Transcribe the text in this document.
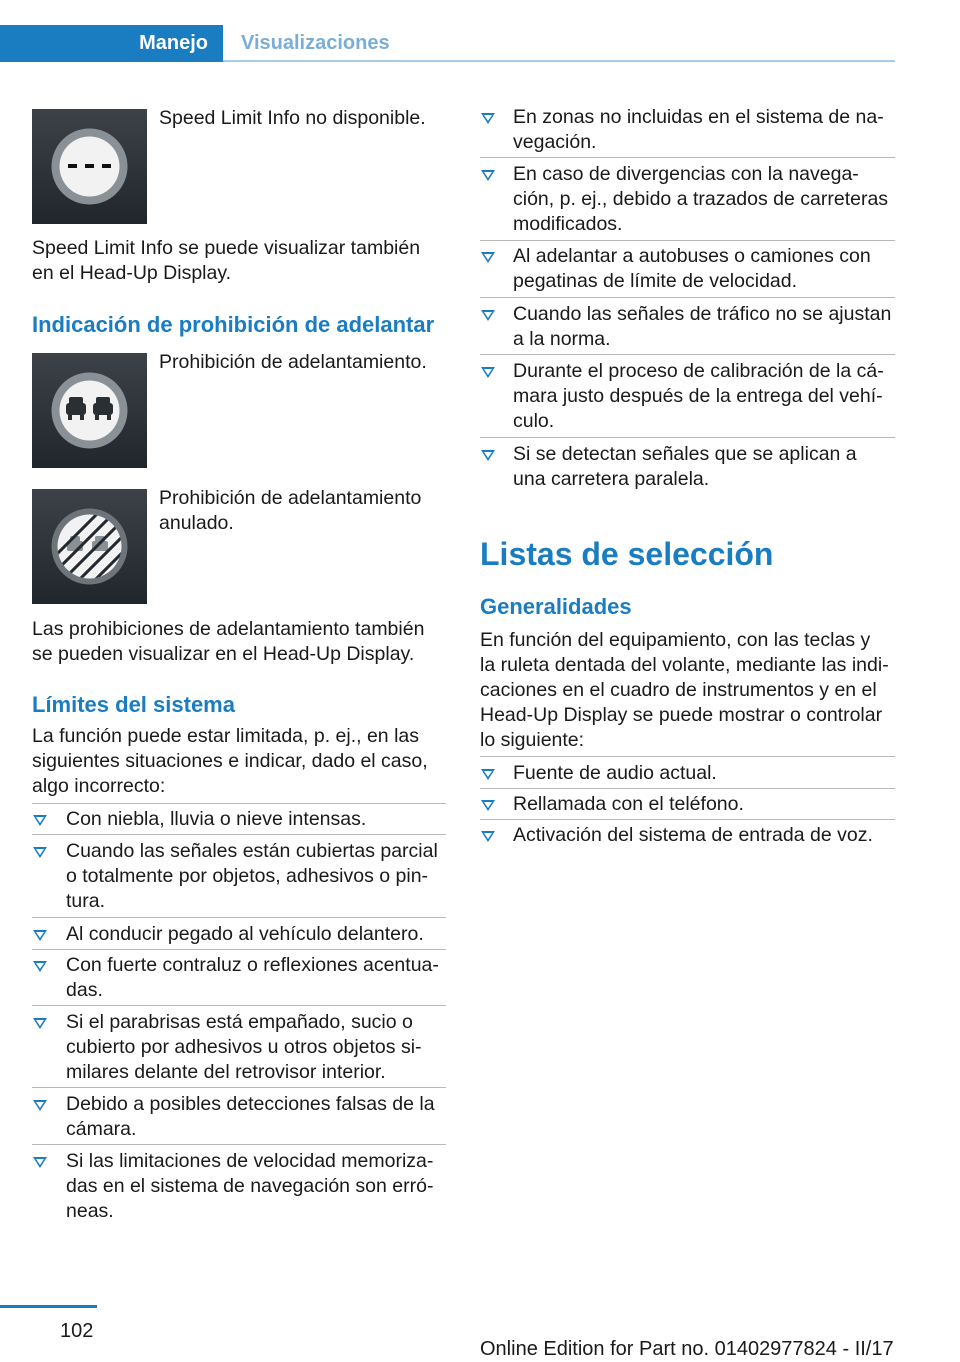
Manejo Visualizaciones
Speed Limit Info no disponible.
Speed Limit Info se puede visualizar también
en el Head-Up Display.
Indicación de prohibición de adelantar
Prohibición de adelantamiento.
Prohibición de adelantamiento
anulado.
Las prohibiciones de adelantamiento también
se pueden visualizar en el Head-Up Display.
Límites del sistema
La función puede estar limitada, p. ej., en las
siguientes situaciones e indicar, dado el caso,
algo incorrecto:
Con niebla, lluvia o nieve intensas.
Cuando las señales están cubiertas parcial
o totalmente por objetos, adhesivos o pin-
tura.
Al conducir pegado al vehículo delantero.
Con fuerte contraluz o reflexiones acentua-
das.
Si el parabrisas está empañado, sucio o
cubierto por adhesivos u otros objetos si-
milares delante del retrovisor interior.
Debido a posibles detecciones falsas de la
cámara.
Si las limitaciones de velocidad memoriza-
das en el sistema de navegación son erró-
neas.
En zonas no incluidas en el sistema de na-
vegación.
En caso de divergencias con la navega-
ción, p. ej., debido a trazados de carreteras
modificados.
Al adelantar a autobuses o camiones con
pegatinas de límite de velocidad.
Cuando las señales de tráfico no se ajustan
a la norma.
Durante el proceso de calibración de la cá-
mara justo después de la entrega del vehí-
culo.
Si se detectan señales que se aplican a
una carretera paralela.
Listas de selección
Generalidades
En función del equipamiento, con las teclas y
la ruleta dentada del volante, mediante las indi-
caciones en el cuadro de instrumentos y en el
Head-Up Display se puede mostrar o controlar
lo siguiente:
Fuente de audio actual.
Rellamada con el teléfono.
Activación del sistema de entrada de voz.
102
Online Edition for Part no. 01402977824 - II/17
